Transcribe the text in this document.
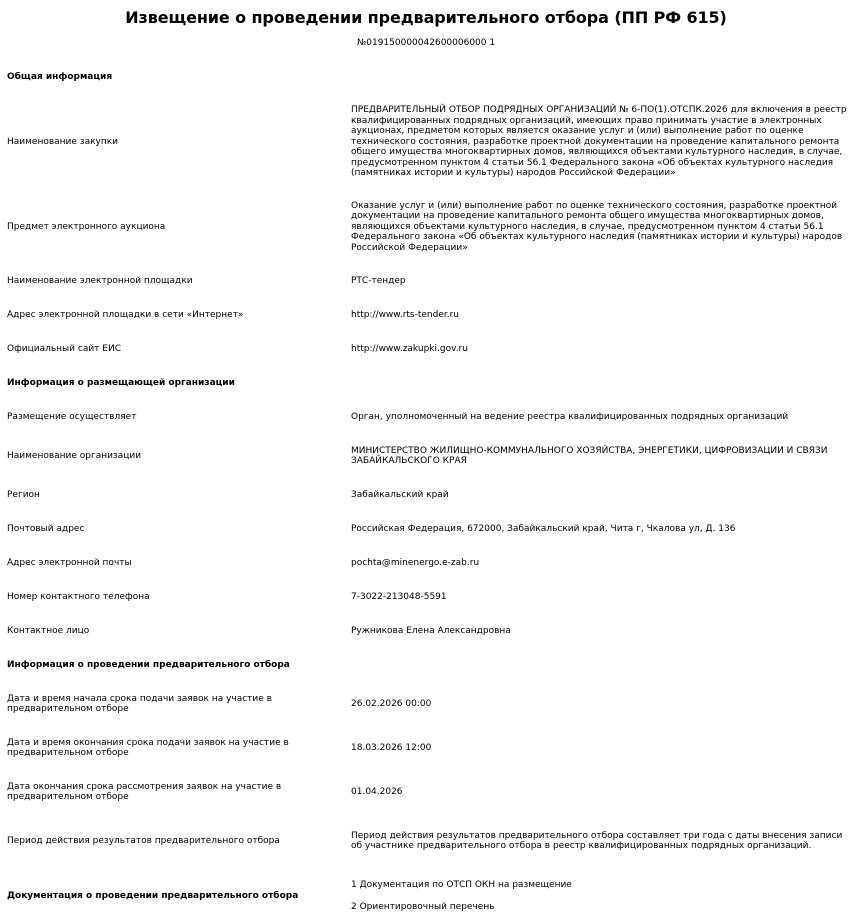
Извещение о проведении предварительного отбора (ПП РФ 615)
№019150000042600006000 1
Общая информация	
Наименование закупки	ПРЕДВАРИТЕЛЬНЫЙ ОТБОР ПОДРЯДНЫХ ОРГАНИЗАЦИЙ № 6-ПО(1).ОТСПК.2026 для включения в реестр квалифицированных подрядных организаций, имеющих право принимать участие в электронных аукционах, предметом которых является оказание услуг и (или) выполнение работ по оценке технического состояния, разработке проектной документации на проведение капитального ремонта общего имущества многоквартирных домов, являющихся объектами культурного наследия, в случае, предусмотренном пунктом 4 статьи 56.1 Федерального закона «Об объектах культурного наследия (памятниках истории и культуры) народов Российской Федерации»
Предмет электронного аукциона	Оказание услуг и (или) выполнение работ по оценке технического состояния, разработке проектной документации на проведение капитального ремонта общего имущества многоквартирных домов, являющихся объектами культурного наследия, в случае, предусмотренном пунктом 4 статьи 56.1 Федерального закона «Об объектах культурного наследия (памятниках истории и культуры) народов Российской Федерации»
Наименование электронной площадки	РТС-тендер
Адрес электронной площадки в сети «Интернет»	http://www.rts-tender.ru
Официальный сайт ЕИС	http://www.zakupki.gov.ru
Информация о размещающей организации	
Размещение осуществляет	Орган, уполномоченный на ведение реестра квалифицированных подрядных организаций
Наименование организации	МИНИСТЕРСТВО ЖИЛИЩНО-КОММУНАЛЬНОГО ХОЗЯЙСТВА, ЭНЕРГЕТИКИ, ЦИФРОВИЗАЦИИ И СВЯЗИ ЗАБАЙКАЛЬСКОГО КРАЯ
Регион	Забайкальский край
Почтовый адрес	Российская Федерация, 672000, Забайкальский край, Чита г, Чкалова ул, Д. 136
Адрес электронной почты	pochta@minenergo.e-zab.ru
Номер контактного телефона	7-3022-213048-5591
Контактное лицо	Ружникова Елена Александровна
Информация о проведении предварительного отбора	
Дата и время начала срока подачи заявок на участие в предварительном отборе	26.02.2026 00:00
Дата и время окончания срока подачи заявок на участие в предварительном отборе	18.03.2026 12:00
Дата окончания срока рассмотрения заявок на участие в предварительном отборе	01.04.2026
Период действия результатов предварительного отбора	Период действия результатов предварительного отбора составляет три года с даты внесения записи об участнике предварительного отбора в реестр квалифицированных подрядных организаций.
Документация о проведении предварительного отбора	1 Документация по ОТСП ОКН на размещение
2 Ориентировочный перечень
